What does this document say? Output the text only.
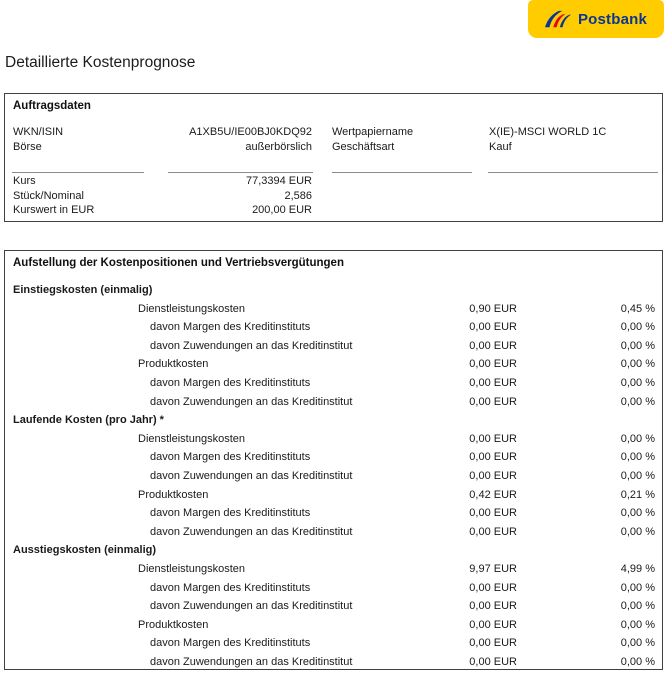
Postbank
Detaillierte Kostenprognose
Auftragsdaten
WKN/ISIN	A1XB5U/IE00BJ0KDQ92 Wertpapiername	X(IE)-MSCI WORLD 1C
Börse	außerbörslich Geschäftsart	Kauf
Kurs	77,3394 EUR
Stück/Nominal	2,586
Kurswert in EUR	200,00 EUR
Aufstellung der Kostenpositionen und Vertriebsvergütungen
Einstiegskosten (einmalig)
Dienstleistungskosten	0,90 EUR	0,45 %
davon Margen des Kreditinstituts	0,00 EUR	0,00 %
davon Zuwendungen an das Kreditinstitut	0,00 EUR	0,00 %
Produktkosten	0,00 EUR	0,00 %
davon Margen des Kreditinstituts	0,00 EUR	0,00 %
davon Zuwendungen an das Kreditinstitut	0,00 EUR	0,00 %
Laufende Kosten (pro Jahr) *
Dienstleistungskosten	0,00 EUR	0,00 %
davon Margen des Kreditinstituts	0,00 EUR	0,00 %
davon Zuwendungen an das Kreditinstitut	0,00 EUR	0,00 %
Produktkosten	0,42 EUR	0,21 %
davon Margen des Kreditinstituts	0,00 EUR	0,00 %
davon Zuwendungen an das Kreditinstitut	0,00 EUR	0,00 %
Ausstiegskosten (einmalig)
Dienstleistungskosten	9,97 EUR	4,99 %
davon Margen des Kreditinstituts	0,00 EUR	0,00 %
davon Zuwendungen an das Kreditinstitut	0,00 EUR	0,00 %
Produktkosten	0,00 EUR	0,00 %
davon Margen des Kreditinstituts	0,00 EUR	0,00 %
davon Zuwendungen an das Kreditinstitut	0,00 EUR	0,00 %
